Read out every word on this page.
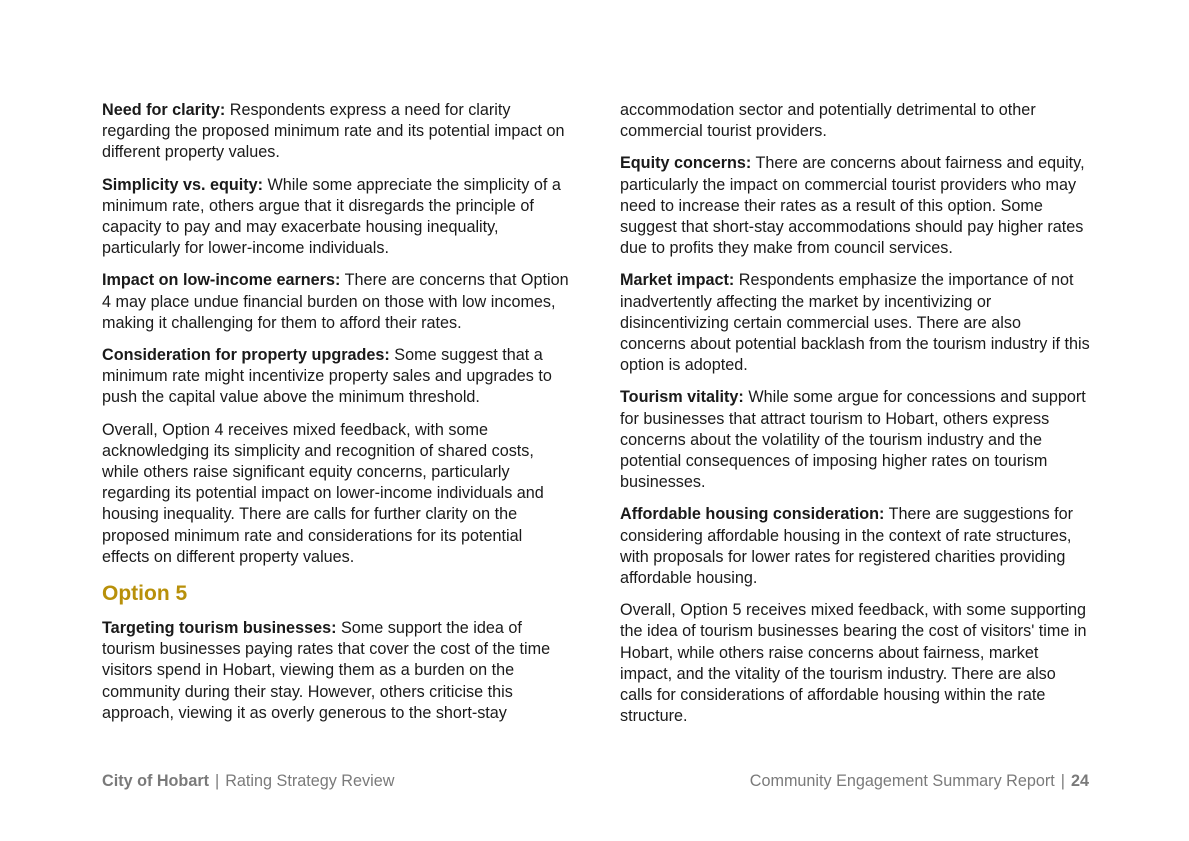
Need for clarity: Respondents express a need for clarity regarding the proposed minimum rate and its potential impact on different property values.

Simplicity vs. equity: While some appreciate the simplicity of a minimum rate, others argue that it disregards the principle of capacity to pay and may exacerbate housing inequality, particularly for lower-income individuals.

Impact on low-income earners: There are concerns that Option 4 may place undue financial burden on those with low incomes, making it challenging for them to afford their rates.

Consideration for property upgrades: Some suggest that a minimum rate might incentivize property sales and upgrades to push the capital value above the minimum threshold.

Overall, Option 4 receives mixed feedback, with some acknowledging its simplicity and recognition of shared costs, while others raise significant equity concerns, particularly regarding its potential impact on lower-income individuals and housing inequality. There are calls for further clarity on the proposed minimum rate and considerations for its potential effects on different property values.

Option 5

Targeting tourism businesses: Some support the idea of tourism businesses paying rates that cover the cost of the time visitors spend in Hobart, viewing them as a burden on the community during their stay. However, others criticise this approach, viewing it as overly generous to the short-stay

accommodation sector and potentially detrimental to other commercial tourist providers.

Equity concerns: There are concerns about fairness and equity, particularly the impact on commercial tourist providers who may need to increase their rates as a result of this option. Some suggest that short-stay accommodations should pay higher rates due to profits they make from council services.

Market impact: Respondents emphasize the importance of not inadvertently affecting the market by incentivizing or disincentivizing certain commercial uses. There are also concerns about potential backlash from the tourism industry if this option is adopted.

Tourism vitality: While some argue for concessions and support for businesses that attract tourism to Hobart, others express concerns about the volatility of the tourism industry and the potential consequences of imposing higher rates on tourism businesses.

Affordable housing consideration: There are suggestions for considering affordable housing in the context of rate structures, with proposals for lower rates for registered charities providing affordable housing.

Overall, Option 5 receives mixed feedback, with some supporting the idea of tourism businesses bearing the cost of visitors' time in Hobart, while others raise concerns about fairness, market impact, and the vitality of the tourism industry. There are also calls for considerations of affordable housing within the rate structure.

City of Hobart | Rating Strategy Review	Community Engagement Summary Report | 24
